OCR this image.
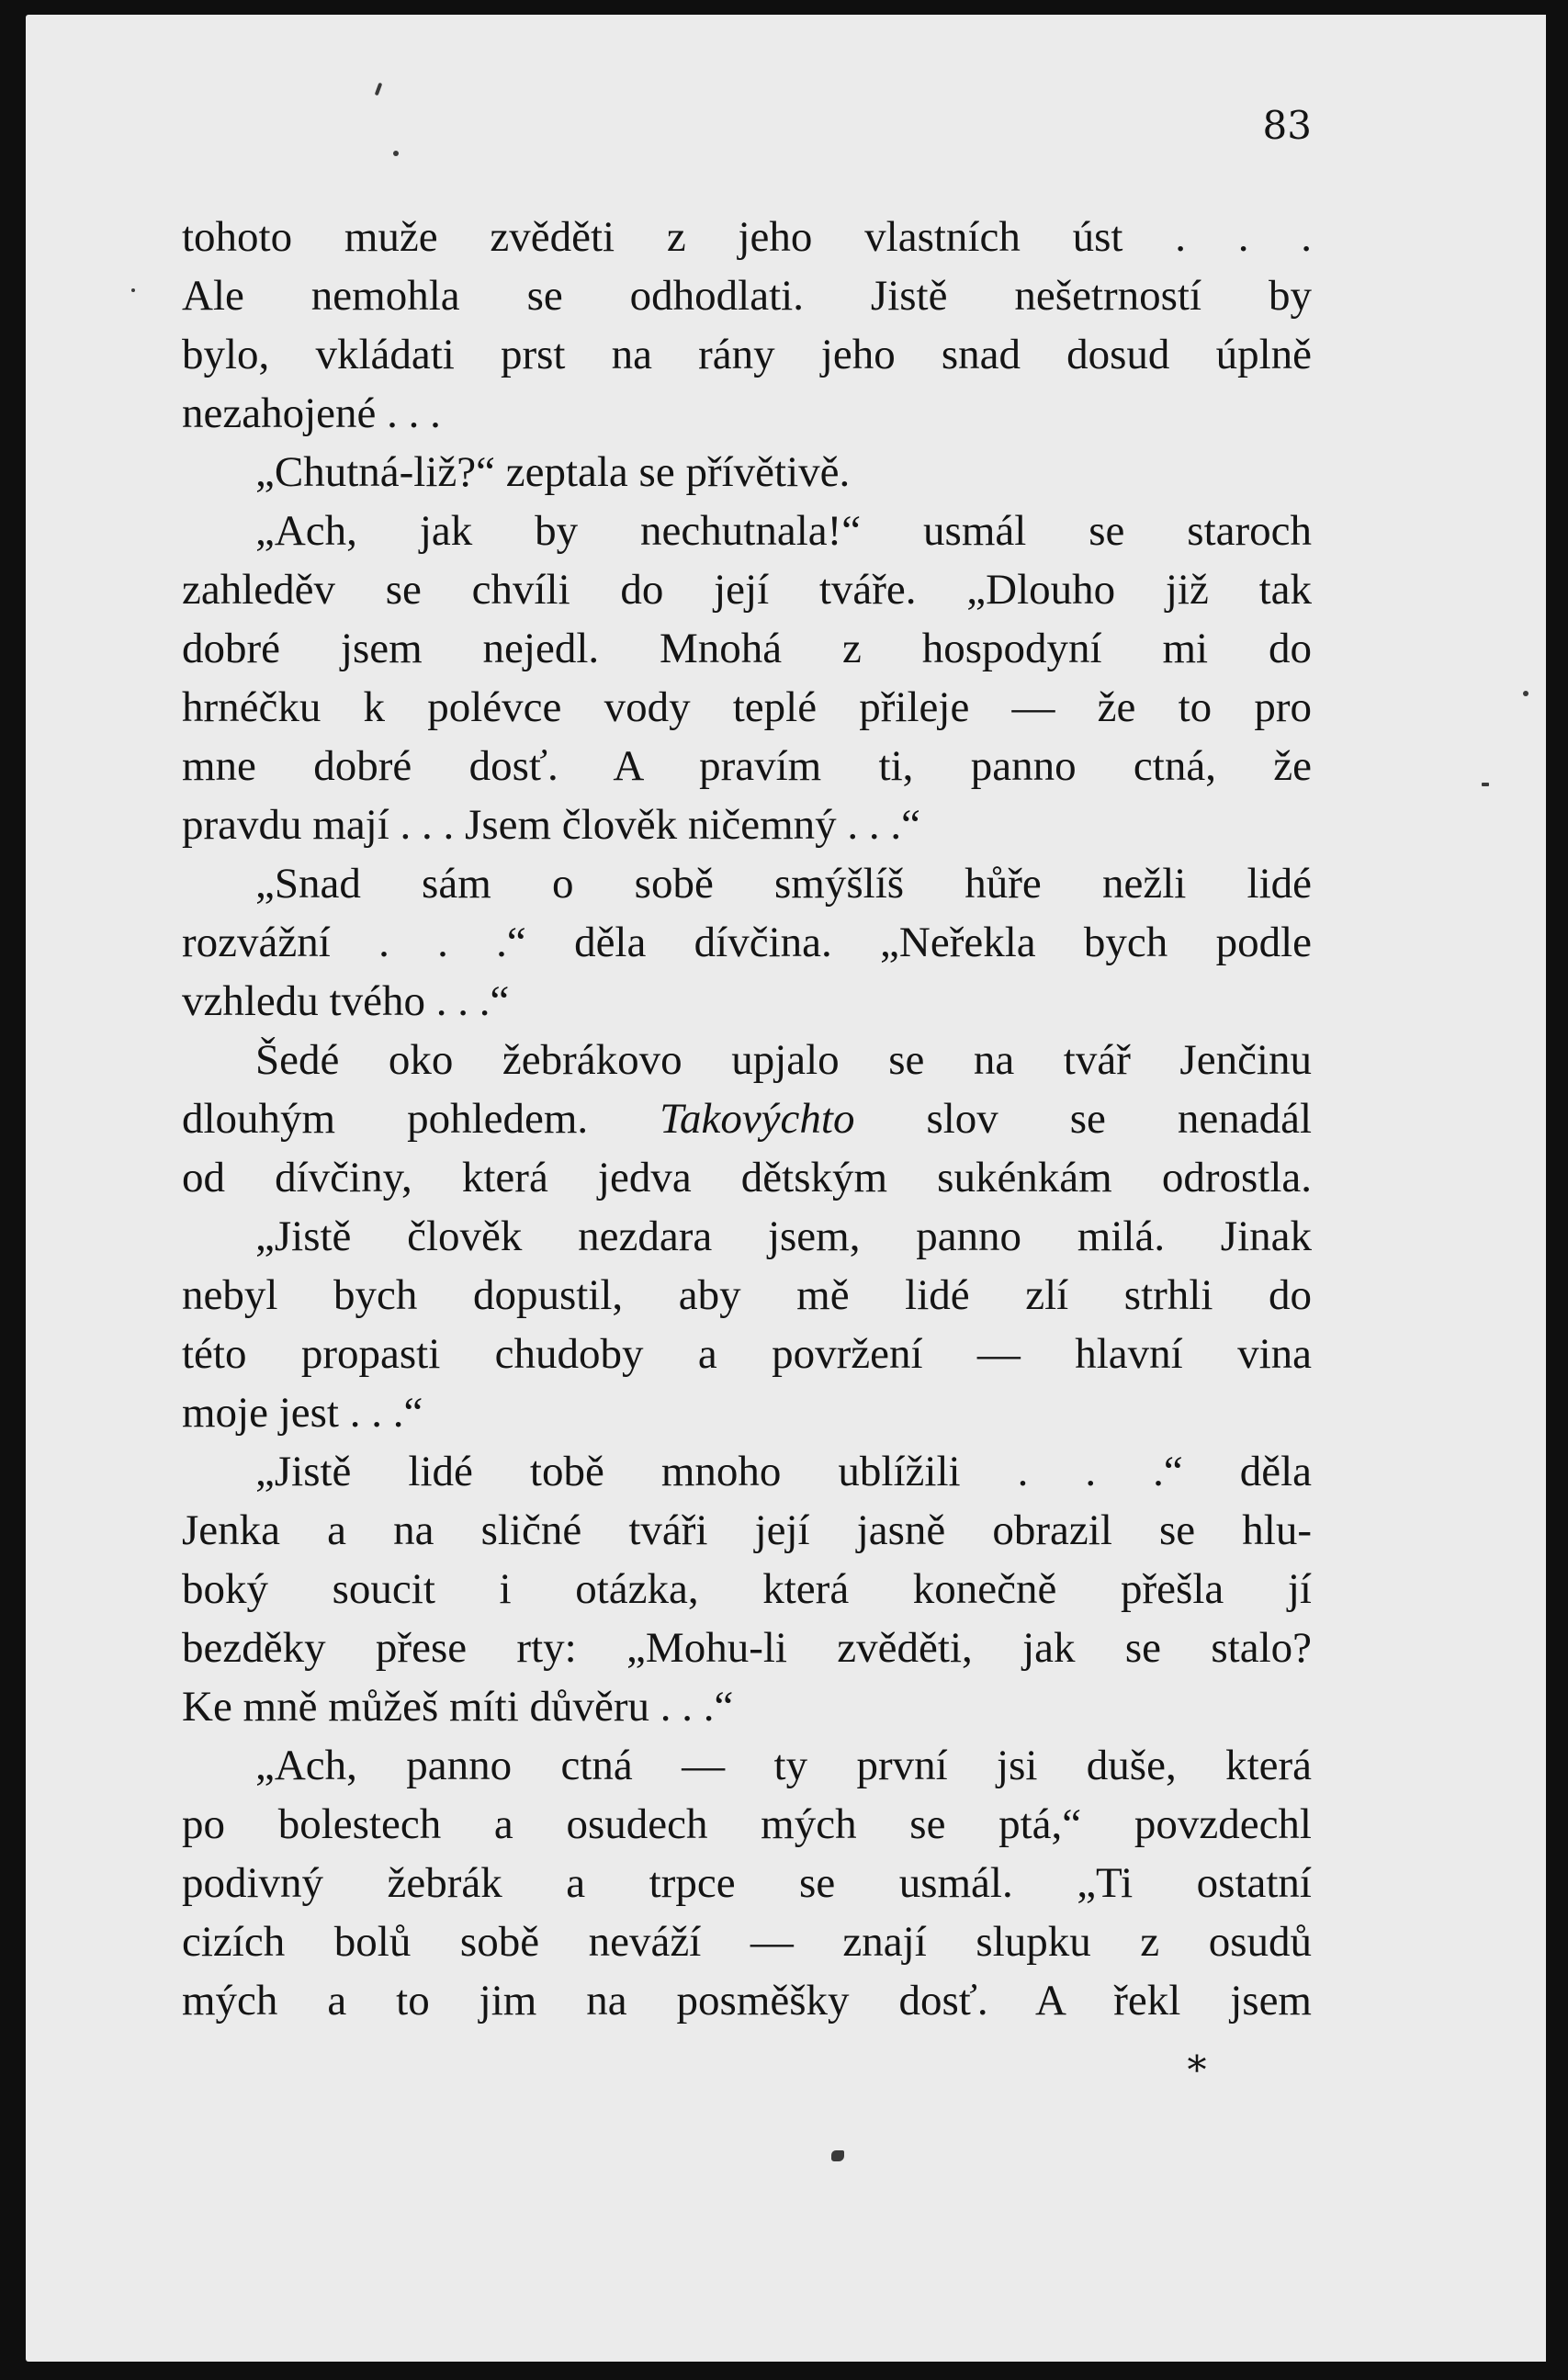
83
tohoto muže zvěděti z jeho vlastních úst . . .
Ale nemohla se odhodlati. Jistě nešetrností by
bylo, vkládati prst na rány jeho snad dosud úplně
nezahojené . . .
„Chutná-liž?“ zeptala se přívětivě.
„Ach, jak by nechutnala!“ usmál se staroch
zahleděv se chvíli do její tváře. „Dlouho již tak
dobré jsem nejedl. Mnohá z hospodyní mi do
hrnéčku k polévce vody teplé přileje — že to pro
mne dobré dosť. A pravím ti, panno ctná, že
pravdu mají . . . Jsem člověk ničemný . . .“
„Snad sám o sobě smýšlíš hůře nežli lidé
rozvážní . . .“ děla dívčina. „Neřekla bych podle
vzhledu tvého . . .“
Šedé oko žebrákovo upjalo se na tvář Jenčinu
dlouhým pohledem. Takovýchto slov se nenadál
od dívčiny, která jedva dětským sukénkám odrostla.
„Jistě člověk nezdara jsem, panno milá. Jinak
nebyl bych dopustil, aby mě lidé zlí strhli do
této propasti chudoby a povržení — hlavní vina
moje jest . . .“
„Jistě lidé tobě mnoho ublížili . . .“ děla
Jenka a na sličné tváři její jasně obrazil se hlu-
boký soucit i otázka, která konečně přešla jí
bezděky přese rty: „Mohu-li zvěděti, jak se stalo?
Ke mně můžeš míti důvěru . . .“
„Ach, panno ctná — ty první jsi duše, která
po bolestech a osudech mých se ptá,“ povzdechl
podivný žebrák a trpce se usmál. „Ti ostatní
cizích bolů sobě neváží — znají slupku z osudů
mých a to jim na posměšky dosť. A řekl jsem
*
